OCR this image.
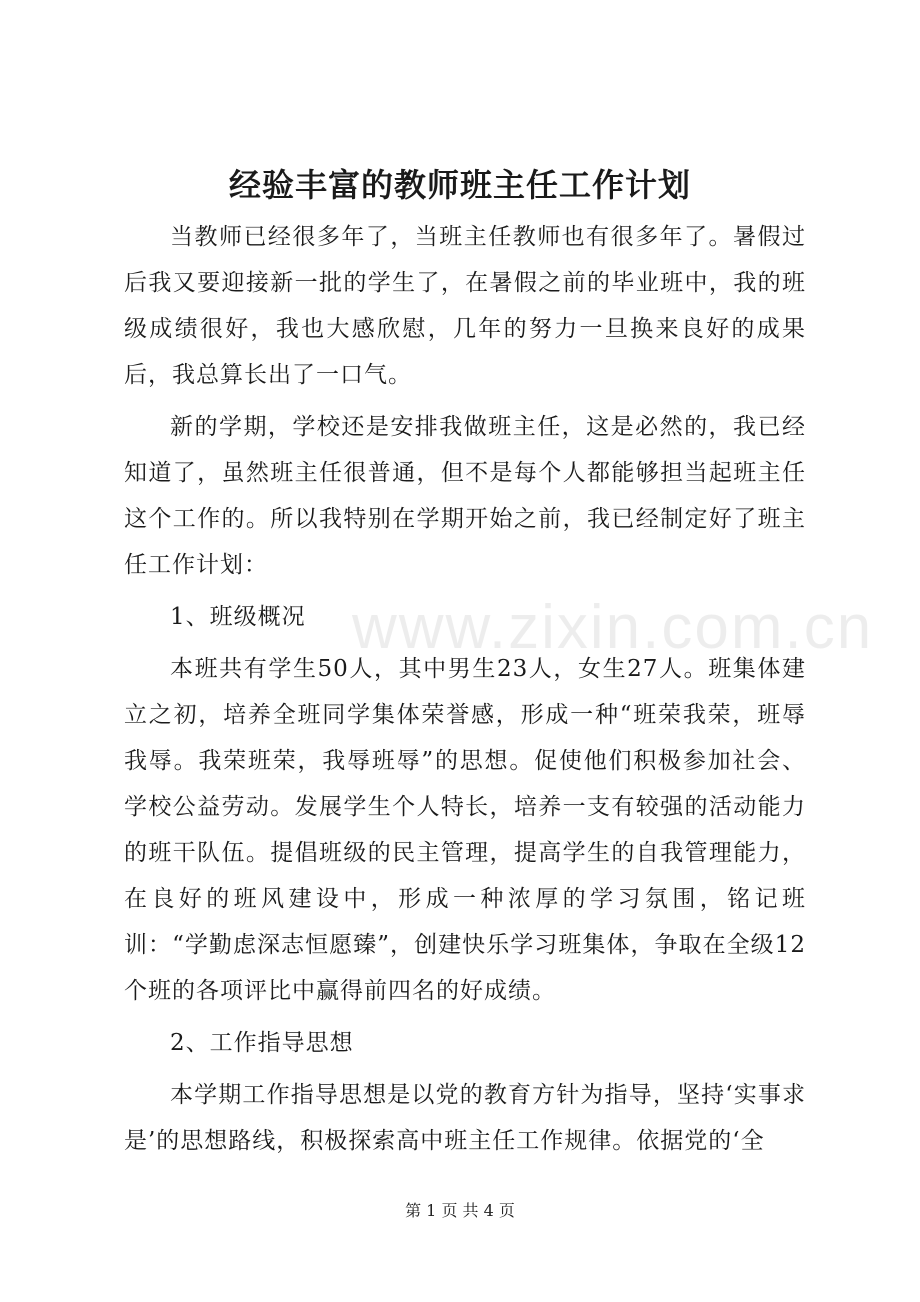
经验丰富的教师班主任工作计划

当教师已经很多年了，当班主任教师也有很多年了。暑假过后我又要迎接新一批的学生了，在暑假之前的毕业班中，我的班级成绩很好，我也大感欣慰，几年的努力一旦换来良好的成果后，我总算长出了一口气。

新的学期，学校还是安排我做班主任，这是必然的，我已经知道了，虽然班主任很普通，但不是每个人都能够担当起班主任这个工作的。所以我特别在学期开始之前，我已经制定好了班主任工作计划：

1、班级概况

本班共有学生50人，其中男生23人，女生27人。班集体建立之初，培养全班同学集体荣誉感，形成一种“班荣我荣，班辱我辱。我荣班荣，我辱班辱”的思想。促使他们积极参加社会、学校公益劳动。发展学生个人特长，培养一支有较强的活动能力的班干队伍。提倡班级的民主管理，提高学生的自我管理能力，在良好的班风建设中，形成一种浓厚的学习氛围，铭记班训：“学勤虑深志恒愿臻”，创建快乐学习班集体，争取在全级12个班的各项评比中赢得前四名的好成绩。

2、工作指导思想

本学期工作指导思想是以党的教育方针为指导，坚持‘实事求是’的思想路线，积极探索高中班主任工作规律。依据党的‘全

www.zixin.com.cn
第 1 页 共 4 页
